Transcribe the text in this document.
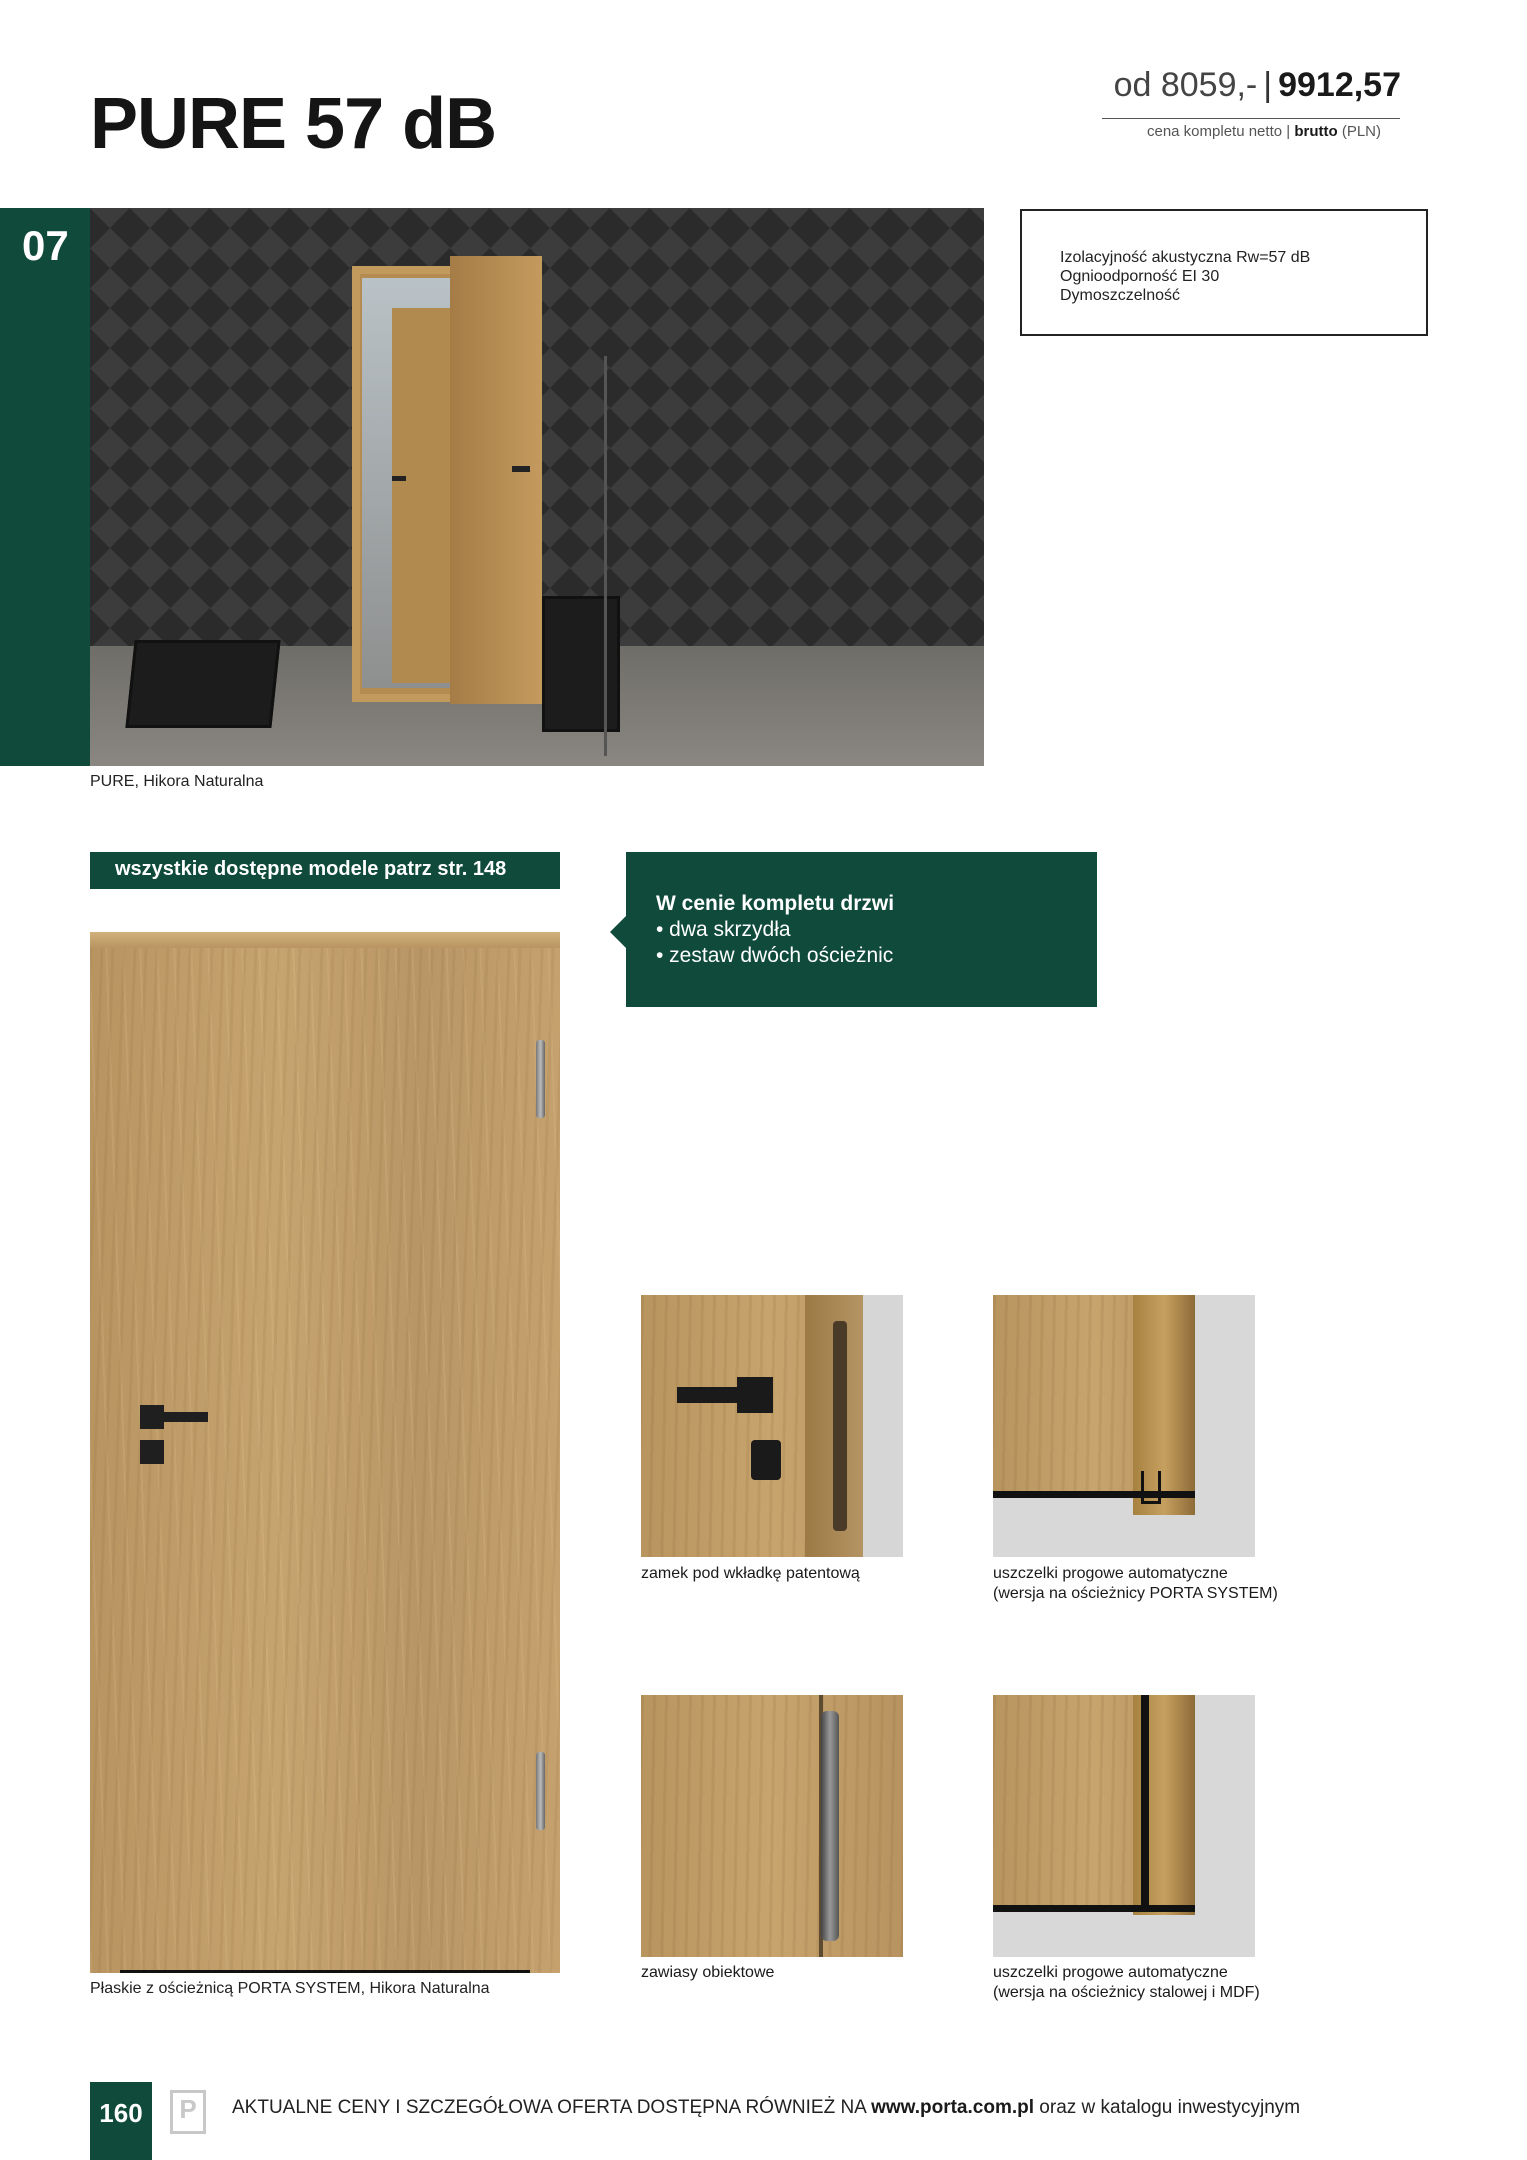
PURE 57 dB	od 8059,- | 9912,57
cena kompletu netto | brutto (PLN)
07
PURE, Hikora Naturalna
Izolacyjność akustyczna Rw=57 dB
Ognioodporność EI 30
Dymoszczelność
wszystkie dostępne modele patrz str. 148
W cenie kompletu drzwi
• dwa skrzydła
• zestaw dwóch ościeżnic
Płaskie z ościeżnicą PORTA SYSTEM, Hikora Naturalna
zamek pod wkładkę patentową	uszczelki progowe automatyczne
(wersja na ościeżnicy PORTA SYSTEM)
zawiasy obiektowe	uszczelki progowe automatyczne
(wersja na ościeżnicy stalowej i MDF)
160	P	AKTUALNE CENY I SZCZEGÓŁOWA OFERTA DOSTĘPNA RÓWNIEŻ NA www.porta.com.pl oraz w katalogu inwestycyjnym
